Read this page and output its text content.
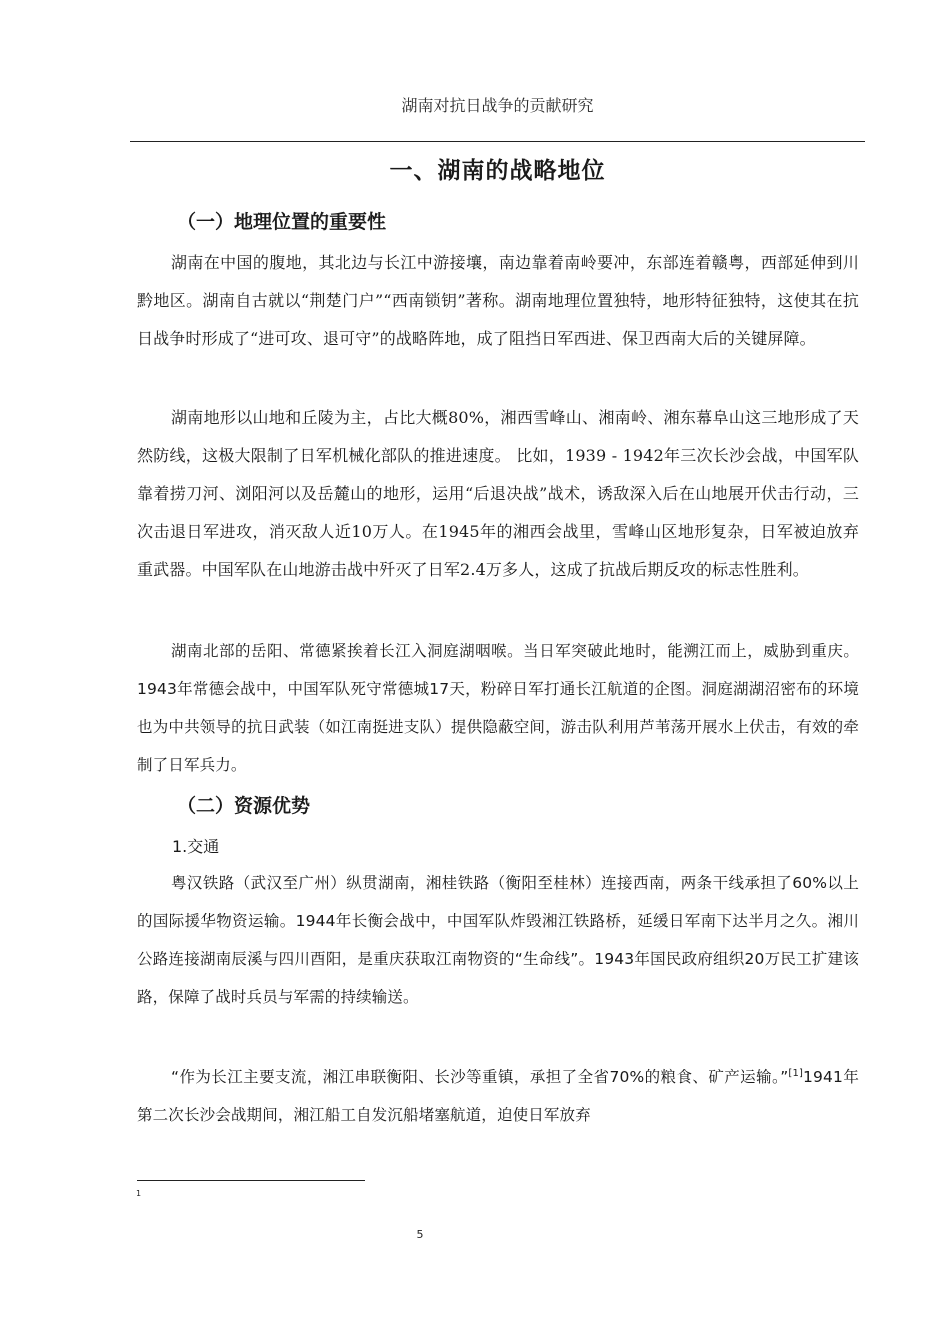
湖南对抗日战争的贡献研究
一、湖南的战略地位
（一）地理位置的重要性

湖南在中国的腹地，其北边与长江中游接壤，南边靠着南岭要冲，东部连着赣粤，西部延伸到川黔地区。湖南自古就以“荆楚门户”“西南锁钥”著称。湖南地理位置独特，地形特征独特，这使其在抗日战争时形成了“进可攻、退可守”的战略阵地，成了阻挡日军西进、保卫西南大后的关键屏障。

湖南地形以山地和丘陵为主，占比大概80%，湘西雪峰山、湘南岭、湘东幕阜山这三地形成了天然防线，这极大限制了日军机械化部队的推进速度。 比如，1939 - 1942年三次长沙会战，中国军队靠着捞刀河、浏阳河以及岳麓山的地形，运用“后退决战”战术，诱敌深入后在山地展开伏击行动，三次击退日军进攻，消灭敌人近10万人。在1945年的湘西会战里，雪峰山区地形复杂，日军被迫放弃重武器。中国军队在山地游击战中歼灭了日军2.4万多人，这成了抗战后期反攻的标志性胜利。

湖南北部的岳阳、常德紧挨着长江入洞庭湖咽喉。当日军突破此地时，能溯江而上，威胁到重庆。1943年常德会战中，中国军队死守常德城17天，粉碎日军打通长江航道的企图。洞庭湖湖沼密布的环境也为中共领导的抗日武装（如江南挺进支队）提供隐蔽空间，游击队利用芦苇荡开展水上伏击，有效的牵制了日军兵力。

（二）资源优势
1.交通

粤汉铁路（武汉至广州）纵贯湖南，湘桂铁路（衡阳至桂林）连接西南，两条干线承担了60%以上的国际援华物资运输。1944年长衡会战中，中国军队炸毁湘江铁路桥，延缓日军南下达半月之久。湘川公路连接湖南辰溪与四川酉阳，是重庆获取江南物资的“生命线”。1943年国民政府组织20万民工扩建该路，保障了战时兵员与军需的持续输送。

“作为长江主要支流，湘江串联衡阳、长沙等重镇，承担了全省70%的粮食、矿产运输。”[1]1941年第二次长沙会战期间，湘江船工自发沉船堵塞航道，迫使日军放弃

1
5
